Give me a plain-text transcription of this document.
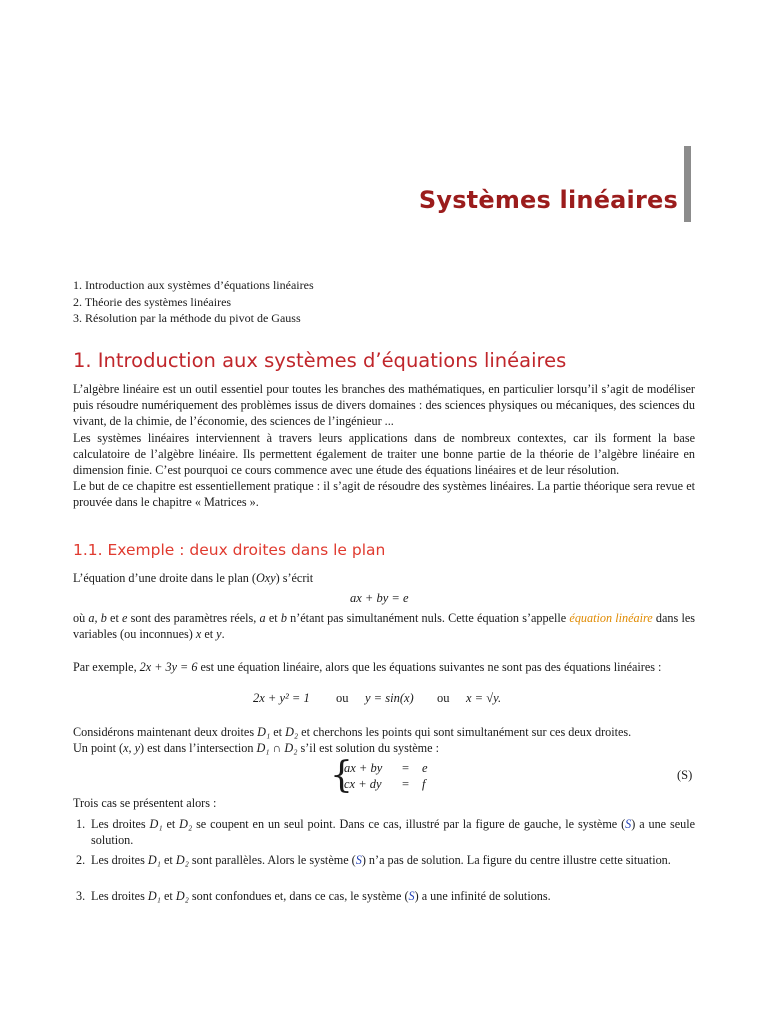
Systèmes linéaires
1. Introduction aux systèmes d’équations linéaires
2. Théorie des systèmes linéaires
3. Résolution par la méthode du pivot de Gauss
1. Introduction aux systèmes d’équations linéaires

L’algèbre linéaire est un outil essentiel pour toutes les branches des mathématiques, en particulier lorsqu’il s’agit de modéliser puis résoudre numériquement des problèmes issus de divers domaines : des sciences physiques ou mécaniques, des sciences du vivant, de la chimie, de l’économie, des sciences de l’ingénieur ...

Les systèmes linéaires interviennent à travers leurs applications dans de nombreux contextes, car ils forment la base calculatoire de l’algèbre linéaire. Ils permettent également de traiter une bonne partie de la théorie de l’algèbre linéaire en dimension finie. C’est pourquoi ce cours commence avec une étude des équations linéaires et de leur résolution.

Le but de ce chapitre est essentiellement pratique : il s’agit de résoudre des systèmes linéaires. La partie théorique sera revue et prouvée dans le chapitre « Matrices ».

1.1. Exemple : deux droites dans le plan
L’équation d’une droite dans le plan (Oxy) s’écrit
ax + by = e

où a, b et e sont des paramètres réels, a et b n’étant pas simultanément nuls. Cette équation s’appelle équation linéaire dans les variables (ou inconnues) x et y.

Par exemple, 2x + 3y = 6 est une équation linéaire, alors que les équations suivantes ne sont pas des équations linéaires :

2x + y² = 1 ou y = sin(x) ou x = √y.

Considérons maintenant deux droites D₁ et D₂ et cherchons les points qui sont simultanément sur ces deux droites.

Un point (x, y) est dans l’intersection D₁ ∩ D₂ s’il est solution du système :

{
ax + by = e
cx + dy = f
(S)
Trois cas se présentent alors :
1. Les droites D₁ et D₂ se coupent en un seul point. Dans ce cas, illustré par la figure de gauche, le système (S) a une seule solution.
2. Les droites D₁ et D₂ sont parallèles. Alors le système (S) n’a pas de solution. La figure du centre illustre cette situation.
3. Les droites D₁ et D₂ sont confondues et, dans ce cas, le système (S) a une infinité de solutions.
